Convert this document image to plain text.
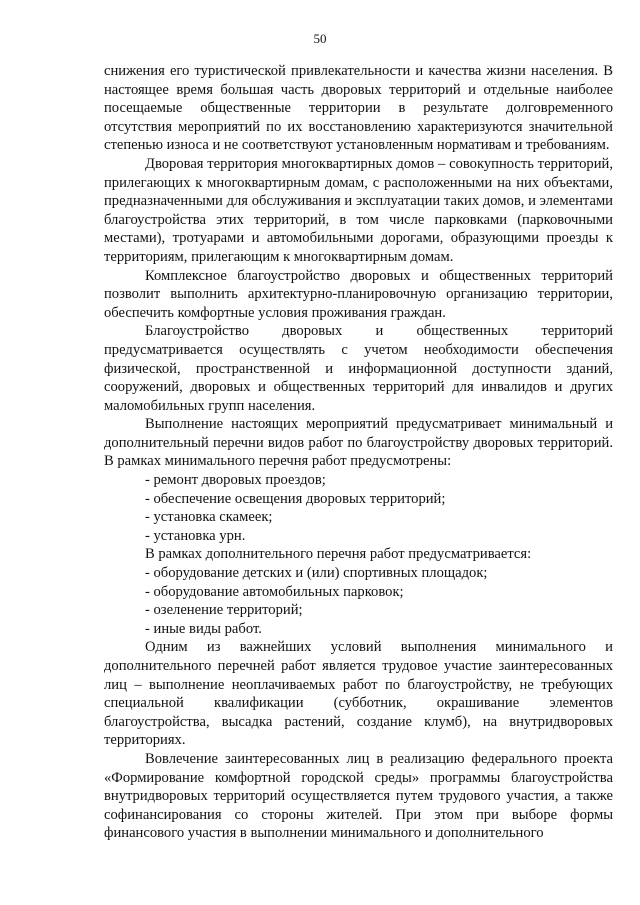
50

снижения его туристической привлекательности и качества жизни населения. В настоящее время большая часть дворовых территорий и отдельные наиболее посещаемые общественные территории в результате долговременного отсутствия мероприятий по их восстановлению характеризуются значительной степенью износа и не соответствуют установленным нормативам и требованиям.

Дворовая территория многоквартирных домов – совокупность территорий, прилегающих к многоквартирным домам, с расположенными на них объектами, предназначенными для обслуживания и эксплуатации таких домов, и элементами благоустройства этих территорий, в том числе парковками (парковочными местами), тротуарами и автомобильными дорогами, образующими проезды к территориям, прилегающим к многоквартирным домам.

Комплексное благоустройство дворовых и общественных территорий позволит выполнить архитектурно-планировочную организацию территории, обеспечить комфортные условия проживания граждан.

Благоустройство дворовых и общественных территорий предусматривается осуществлять с учетом необходимости обеспечения физической, пространственной и информационной доступности зданий, сооружений, дворовых и общественных территорий для инвалидов и других маломобильных групп населения.

Выполнение настоящих мероприятий предусматривает минимальный и дополнительный перечни видов работ по благоустройству дворовых территорий. В рамках минимального перечня работ предусмотрены:

- ремонт дворовых проездов;

- обеспечение освещения дворовых территорий;

- установка скамеек;

- установка урн.

В рамках дополнительного перечня работ предусматривается:

- оборудование детских и (или) спортивных площадок;

- оборудование автомобильных парковок;

- озеленение территорий;

- иные виды работ.

Одним из важнейших условий выполнения минимального и дополнительного перечней работ является трудовое участие заинтересованных лиц – выполнение неоплачиваемых работ по благоустройству, не требующих специальной квалификации (субботник, окрашивание элементов благоустройства, высадка растений, создание клумб), на внутридворовых территориях.

Вовлечение заинтересованных лиц в реализацию федерального проекта «Формирование комфортной городской среды» программы благоустройства внутридворовых территорий осуществляется путем трудового участия, а также софинансирования со стороны жителей. При этом при выборе формы финансового участия в выполнении минимального и дополнительного
